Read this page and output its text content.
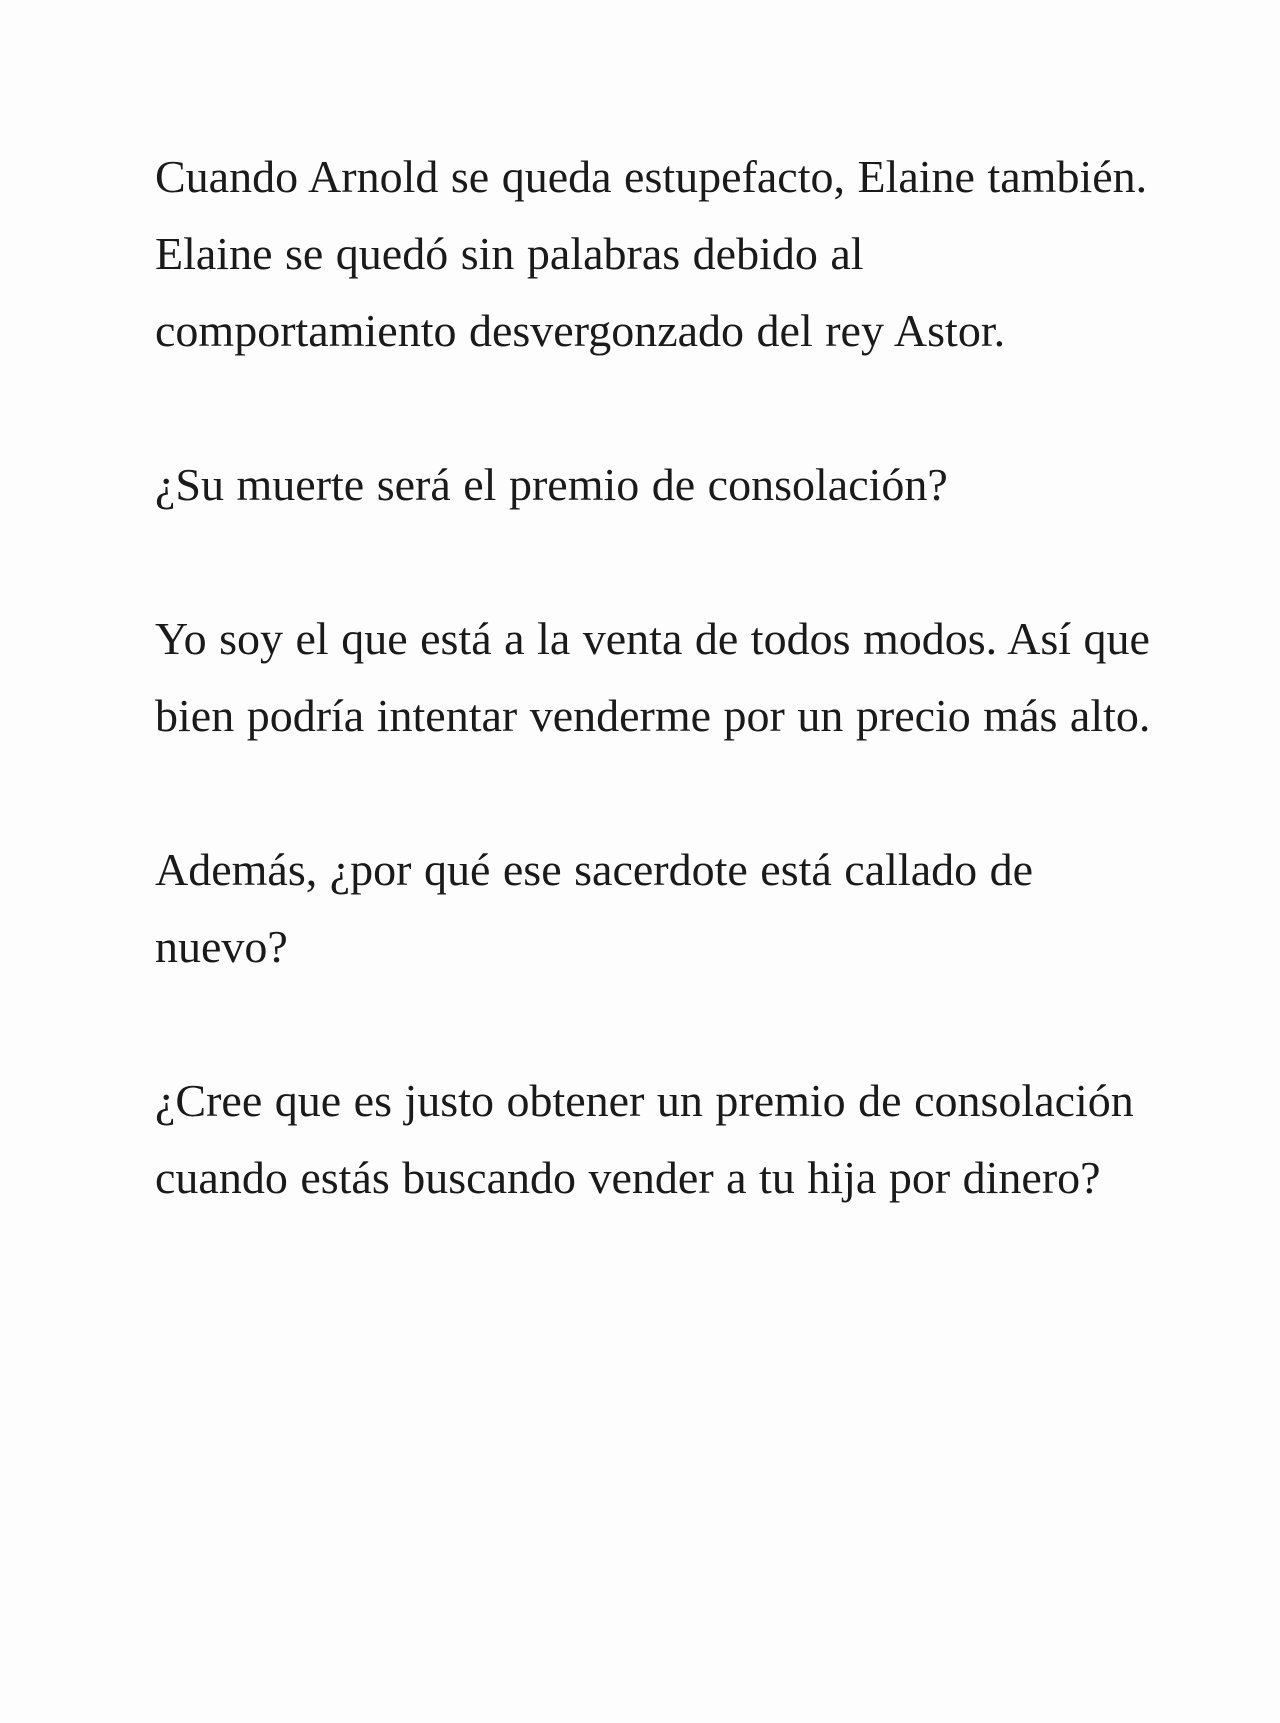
Cuando Arnold se queda estupefacto, Elaine también. Elaine se quedó sin palabras debido al comportamiento desvergonzado del rey Astor.

¿Su muerte será el premio de consolación?

Yo soy el que está a la venta de todos modos. Así que bien podría intentar venderme por un precio más alto.

Además, ¿por qué ese sacerdote está callado de nuevo?

¿Cree que es justo obtener un premio de consolación cuando estás buscando vender a tu hija por dinero?
